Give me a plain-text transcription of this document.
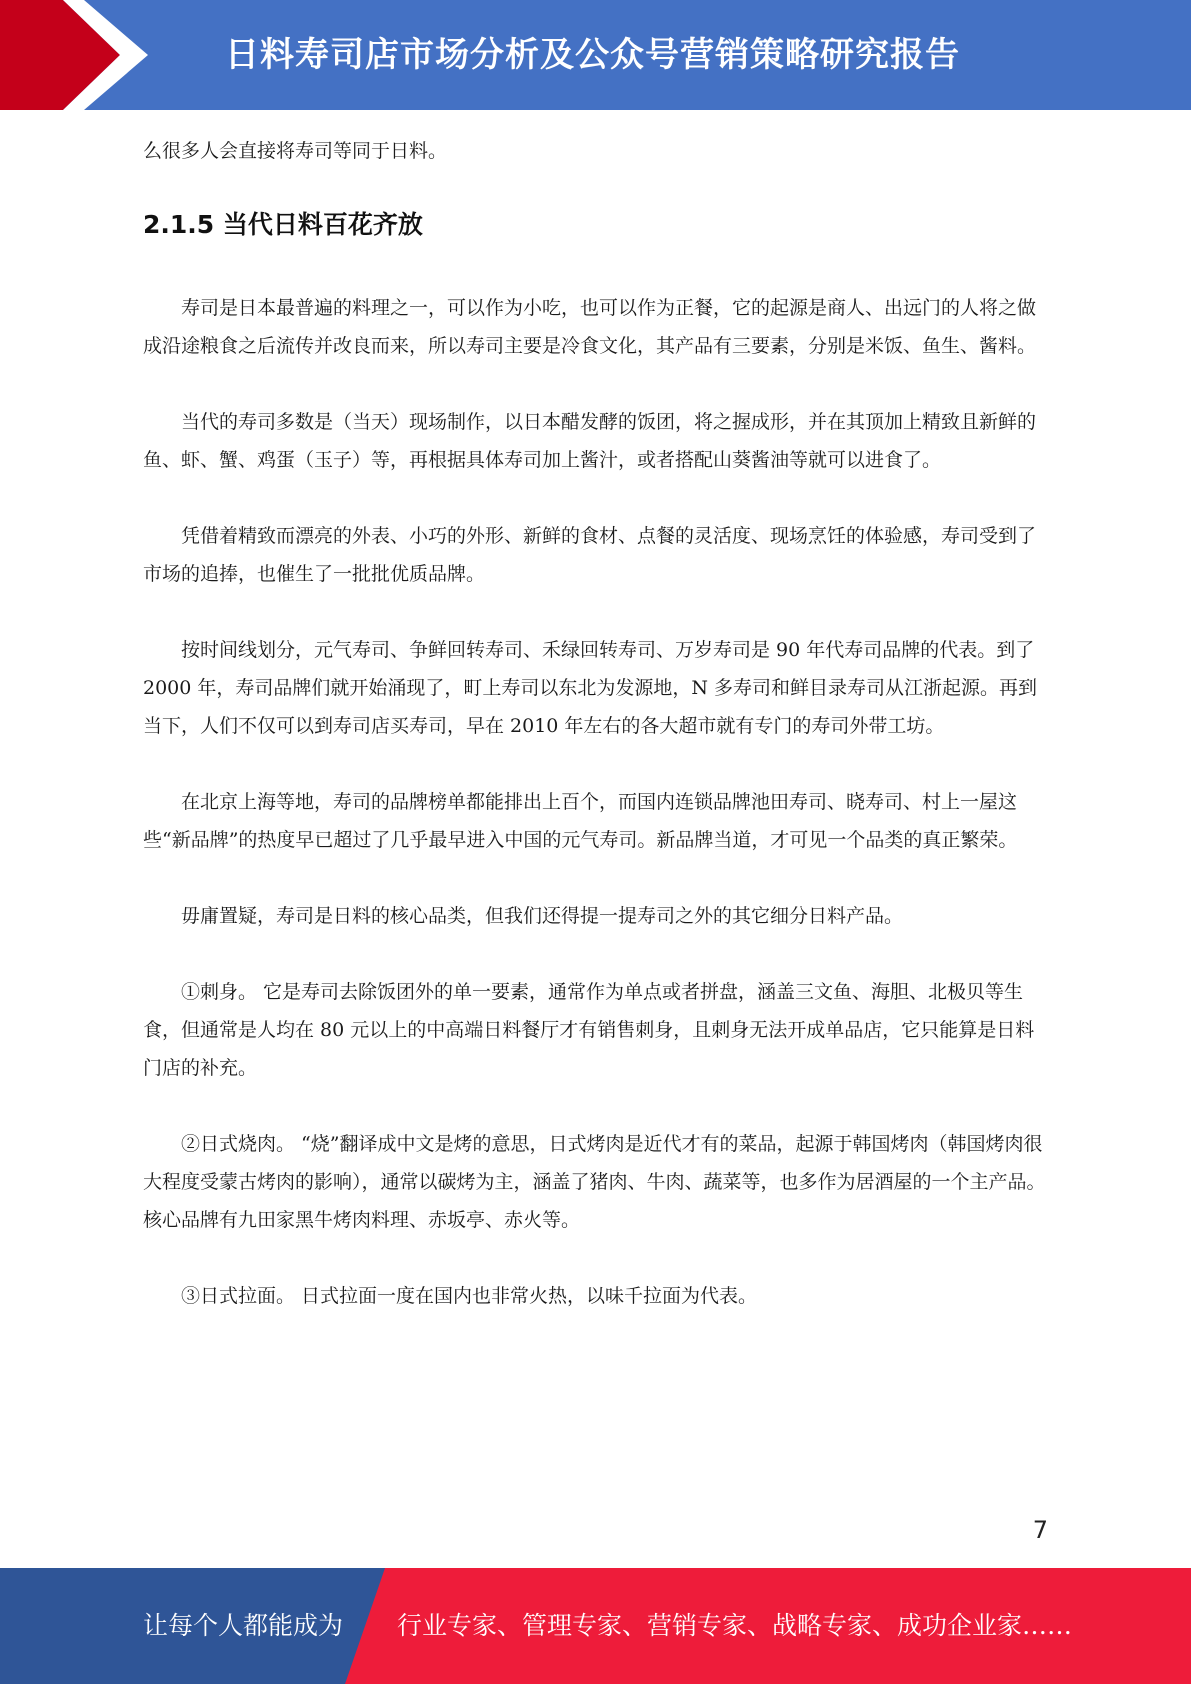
日料寿司店市场分析及公众号营销策略研究报告

么很多人会直接将寿司等同于日料。

2.1.5 当代日料百花齐放

寿司是日本最普遍的料理之一，可以作为小吃，也可以作为正餐，它的起源是商人、出远门的人将之做成沿途粮食之后流传并改良而来，所以寿司主要是冷食文化，其产品有三要素，分别是米饭、鱼生、酱料。

当代的寿司多数是（当天）现场制作，以日本醋发酵的饭团，将之握成形，并在其顶加上精致且新鲜的鱼、虾、蟹、鸡蛋（玉子）等，再根据具体寿司加上酱汁，或者搭配山葵酱油等就可以进食了。

凭借着精致而漂亮的外表、小巧的外形、新鲜的食材、点餐的灵活度、现场烹饪的体验感，寿司受到了市场的追捧，也催生了一批批优质品牌。

按时间线划分，元气寿司、争鲜回转寿司、禾绿回转寿司、万岁寿司是 90 年代寿司品牌的代表。到了 2000 年，寿司品牌们就开始涌现了，町上寿司以东北为发源地，N 多寿司和鲜目录寿司从江浙起源。再到当下，人们不仅可以到寿司店买寿司，早在 2010 年左右的各大超市就有专门的寿司外带工坊。

在北京上海等地，寿司的品牌榜单都能排出上百个，而国内连锁品牌池田寿司、晓寿司、村上一屋这些“新品牌”的热度早已超过了几乎最早进入中国的元气寿司。新品牌当道，才可见一个品类的真正繁荣。

毋庸置疑，寿司是日料的核心品类，但我们还得提一提寿司之外的其它细分日料产品。

①刺身。 它是寿司去除饭团外的单一要素，通常作为单点或者拼盘，涵盖三文鱼、海胆、北极贝等生食，但通常是人均在 80 元以上的中高端日料餐厅才有销售刺身，且刺身无法开成单品店，它只能算是日料门店的补充。

②日式烧肉。 “烧”翻译成中文是烤的意思，日式烤肉是近代才有的菜品，起源于韩国烤肉（韩国烤肉很大程度受蒙古烤肉的影响），通常以碳烤为主，涵盖了猪肉、牛肉、蔬菜等，也多作为居酒屋的一个主产品。核心品牌有九田家黑牛烤肉料理、赤坂亭、赤火等。

③日式拉面。 日式拉面一度在国内也非常火热，以味千拉面为代表。

7
让每个人都能成为 行业专家、管理专家、营销专家、战略专家、成功企业家……
